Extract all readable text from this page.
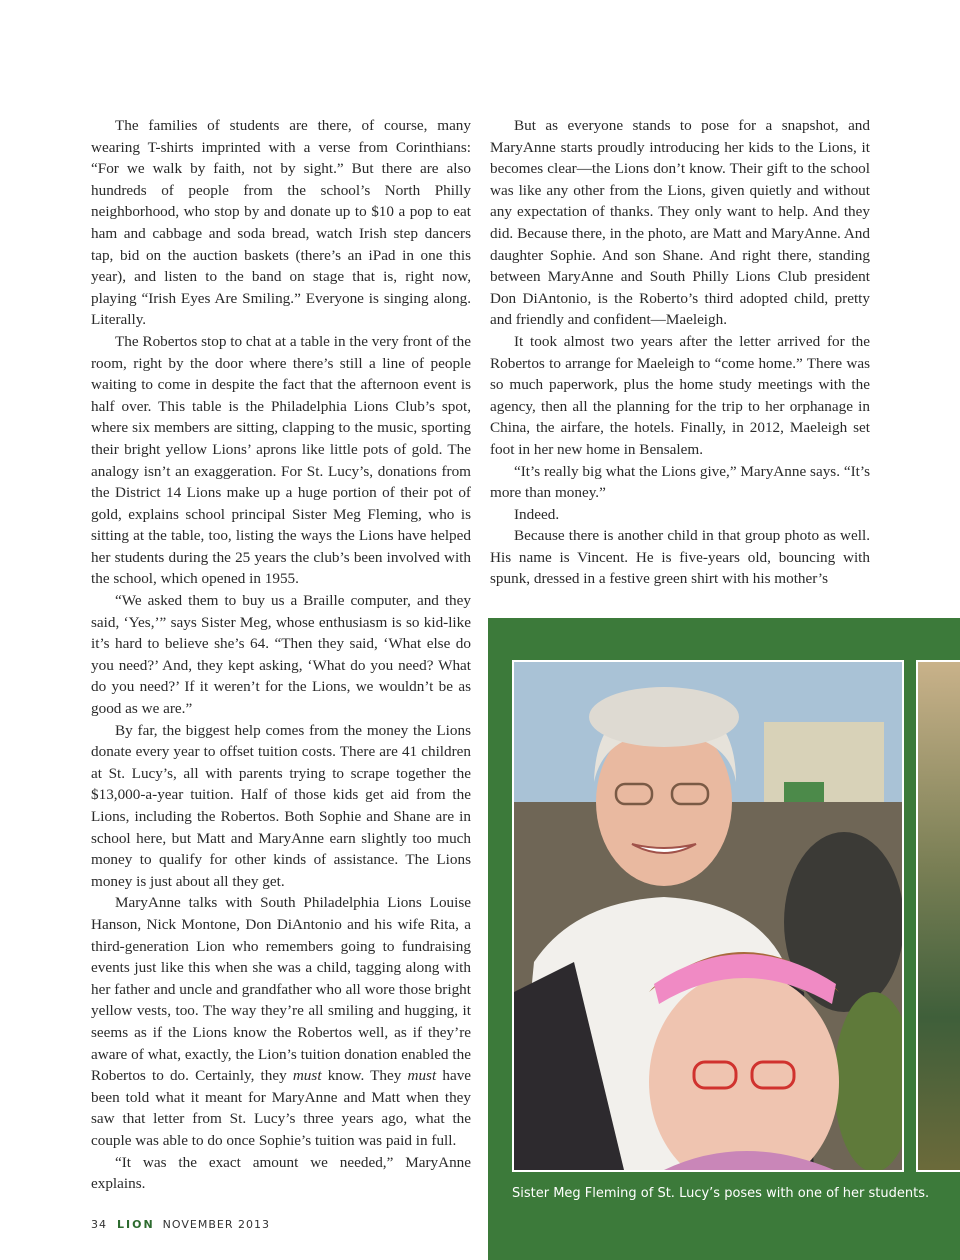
The families of students are there, of course, many wearing T-shirts imprinted with a verse from Corinthians: “For we walk by faith, not by sight.” But there are also hundreds of people from the school’s North Philly neighborhood, who stop by and donate up to $10 a pop to eat ham and cabbage and soda bread, watch Irish step dancers tap, bid on the auction baskets (there’s an iPad in one this year), and listen to the band on stage that is, right now, playing “Irish Eyes Are Smiling.” Everyone is singing along. Literally.

The Robertos stop to chat at a table in the very front of the room, right by the door where there’s still a line of people waiting to come in despite the fact that the afternoon event is half over. This table is the Philadelphia Lions Club’s spot, where six members are sitting, clapping to the music, sporting their bright yellow Lions’ aprons like little pots of gold. The analogy isn’t an exaggeration. For St. Lucy’s, donations from the District 14 Lions make up a huge portion of their pot of gold, explains school principal Sister Meg Fleming, who is sitting at the table, too, listing the ways the Lions have helped her students during the 25 years the club’s been involved with the school, which opened in 1955.

“We asked them to buy us a Braille computer, and they said, ‘Yes,’” says Sister Meg, whose enthusiasm is so kid-like it’s hard to believe she’s 64. “Then they said, ‘What else do you need?’ And, they kept asking, ‘What do you need? What do you need?’ If it weren’t for the Lions, we wouldn’t be as good as we are.”

By far, the biggest help comes from the money the Lions donate every year to offset tuition costs. There are 41 children at St. Lucy’s, all with parents trying to scrape together the $13,000-a-year tuition. Half of those kids get aid from the Lions, including the Robertos. Both Sophie and Shane are in school here, but Matt and MaryAnne earn slightly too much money to qualify for other kinds of assistance. The Lions money is just about all they get.

MaryAnne talks with South Philadelphia Lions Louise Hanson, Nick Montone, Don DiAntonio and his wife Rita, a third-generation Lion who remembers going to fundraising events just like this when she was a child, tagging along with her father and uncle and grandfather who all wore those bright yellow vests, too. The way they’re all smiling and hugging, it seems as if the Lions know the Robertos well, as if they’re aware of what, exactly, the Lion’s tuition donation enabled the Robertos to do. Certainly, they must know. They must have been told what it meant for MaryAnne and Matt when they saw that letter from St. Lucy’s three years ago, what the couple was able to do once Sophie’s tuition was paid in full.

“It was the exact amount we needed,” MaryAnne explains.

But as everyone stands to pose for a snapshot, and MaryAnne starts proudly introducing her kids to the Lions, it becomes clear—the Lions don’t know. Their gift to the school was like any other from the Lions, given quietly and without any expectation of thanks. They only want to help. And they did. Because there, in the photo, are Matt and MaryAnne. And daughter Sophie. And son Shane. And right there, standing between MaryAnne and South Philly Lions Club president Don DiAntonio, is the Roberto’s third adopted child, pretty and friendly and confident—Maeleigh.

It took almost two years after the letter arrived for the Robertos to arrange for Maeleigh to “come home.” There was so much paperwork, plus the home study meetings with the agency, then all the planning for the trip to her orphanage in China, the airfare, the hotels. Finally, in 2012, Maeleigh set foot in her new home in Bensalem.

“It’s really big what the Lions give,” MaryAnne says. “It’s more than money.”

Indeed.

Because there is another child in that group photo as well. His name is Vincent. He is five-years old, bouncing with spunk, dressed in a festive green shirt with his mother’s

Sister Meg Fleming of St. Lucy’s poses with one of her students.
34 LION NOVEMBER 2013
